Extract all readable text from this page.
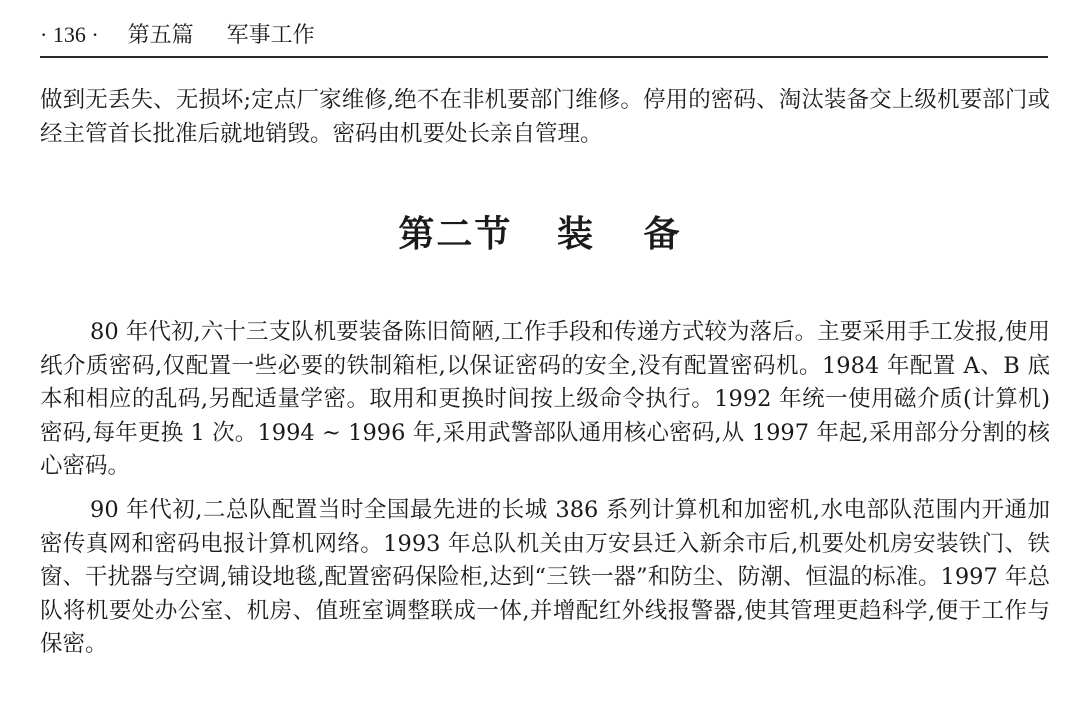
· 136 · 第五篇 军事工作

做到无丢失、无损坏;定点厂家维修,绝不在非机要部门维修。停用的密码、淘汰装备交上级机要部门或经主管首长批准后就地销毁。密码由机要处长亲自管理。

第二节 装 备

80 年代初,六十三支队机要装备陈旧简陋,工作手段和传递方式较为落后。主要采用手工发报,使用纸介质密码,仅配置一些必要的铁制箱柜,以保证密码的安全,没有配置密码机。1984 年配置 A、B 底本和相应的乱码,另配适量学密。取用和更换时间按上级命令执行。1992 年统一使用磁介质(计算机)密码,每年更换 1 次。1994 ~ 1996 年,采用武警部队通用核心密码,从 1997 年起,采用部分分割的核心密码。

90 年代初,二总队配置当时全国最先进的长城 386 系列计算机和加密机,水电部队范围内开通加密传真网和密码电报计算机网络。1993 年总队机关由万安县迁入新余市后,机要处机房安装铁门、铁窗、干扰器与空调,铺设地毯,配置密码保险柜,达到“三铁一器”和防尘、防潮、恒温的标准。1997 年总队将机要处办公室、机房、值班室调整联成一体,并增配红外线报警器,使其管理更趋科学,便于工作与保密。
